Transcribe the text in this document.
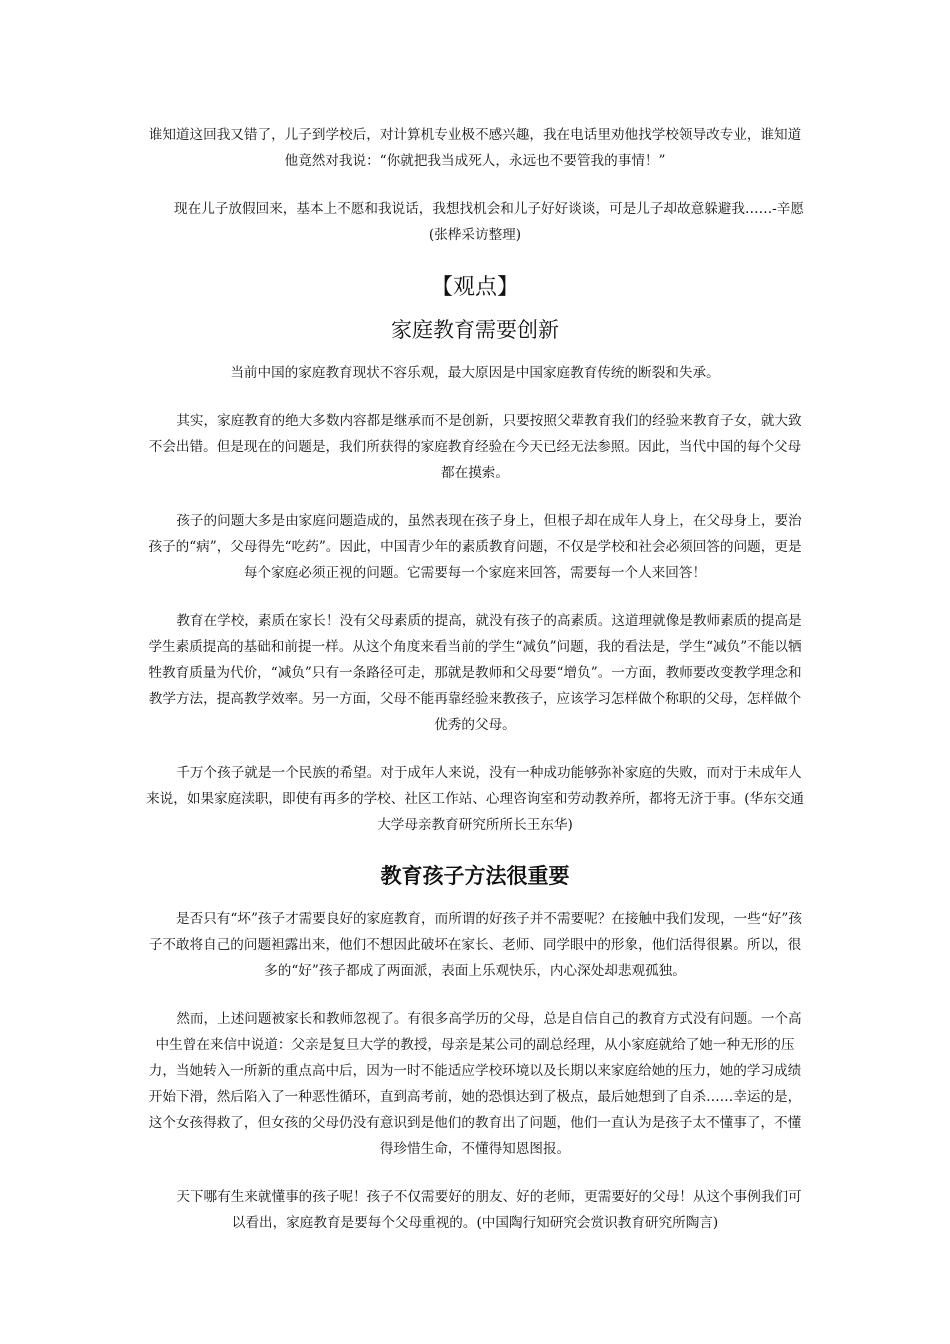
谁知道这回我又错了，儿子到学校后，对计算机专业极不感兴趣，我在电话里劝他找学校领导改专业，谁知道他竟然对我说：“你就把我当成死人，永远也不要管我的事情！”

现在儿子放假回来，基本上不愿和我说话，我想找机会和儿子好好谈谈，可是儿子却故意躲避我……-辛愿(张桦采访整理)

【观点】
家庭教育需要创新

当前中国的家庭教育现状不容乐观，最大原因是中国家庭教育传统的断裂和失承。

其实，家庭教育的绝大多数内容都是继承而不是创新，只要按照父辈教育我们的经验来教育子女，就大致不会出错。但是现在的问题是，我们所获得的家庭教育经验在今天已经无法参照。因此，当代中国的每个父母都在摸索。

孩子的问题大多是由家庭问题造成的，虽然表现在孩子身上，但根子却在成年人身上，在父母身上，要治孩子的“病”，父母得先“吃药”。因此，中国青少年的素质教育问题，不仅是学校和社会必须回答的问题，更是每个家庭必须正视的问题。它需要每一个家庭来回答，需要每一个人来回答！

教育在学校，素质在家长！没有父母素质的提高，就没有孩子的高素质。这道理就像是教师素质的提高是学生素质提高的基础和前提一样。从这个角度来看当前的学生“减负”问题，我的看法是，学生“减负”不能以牺牲教育质量为代价，“减负”只有一条路径可走，那就是教师和父母要“增负”。一方面，教师要改变教学理念和教学方法，提高教学效率。另一方面，父母不能再靠经验来教孩子，应该学习怎样做个称职的父母，怎样做个优秀的父母。

千万个孩子就是一个民族的希望。对于成年人来说，没有一种成功能够弥补家庭的失败，而对于未成年人来说，如果家庭渎职，即使有再多的学校、社区工作站、心理咨询室和劳动教养所，都将无济于事。(华东交通大学母亲教育研究所所长王东华)

教育孩子方法很重要

是否只有“坏”孩子才需要良好的家庭教育，而所谓的好孩子并不需要呢？在接触中我们发现，一些“好”孩子不敢将自己的问题袒露出来，他们不想因此破坏在家长、老师、同学眼中的形象，他们活得很累。所以，很多的“好”孩子都成了两面派，表面上乐观快乐，内心深处却悲观孤独。

然而，上述问题被家长和教师忽视了。有很多高学历的父母，总是自信自己的教育方式没有问题。一个高中生曾在来信中说道：父亲是复旦大学的教授，母亲是某公司的副总经理，从小家庭就给了她一种无形的压力，当她转入一所新的重点高中后，因为一时不能适应学校环境以及长期以来家庭给她的压力，她的学习成绩开始下滑，然后陷入了一种恶性循环，直到高考前，她的恐惧达到了极点，最后她想到了自杀……幸运的是，这个女孩得救了，但女孩的父母仍没有意识到是他们的教育出了问题，他们一直认为是孩子太不懂事了，不懂得珍惜生命，不懂得知恩图报。

天下哪有生来就懂事的孩子呢！孩子不仅需要好的朋友、好的老师，更需要好的父母！从这个事例我们可以看出，家庭教育是要每个父母重视的。(中国陶行知研究会赏识教育研究所陶言)
